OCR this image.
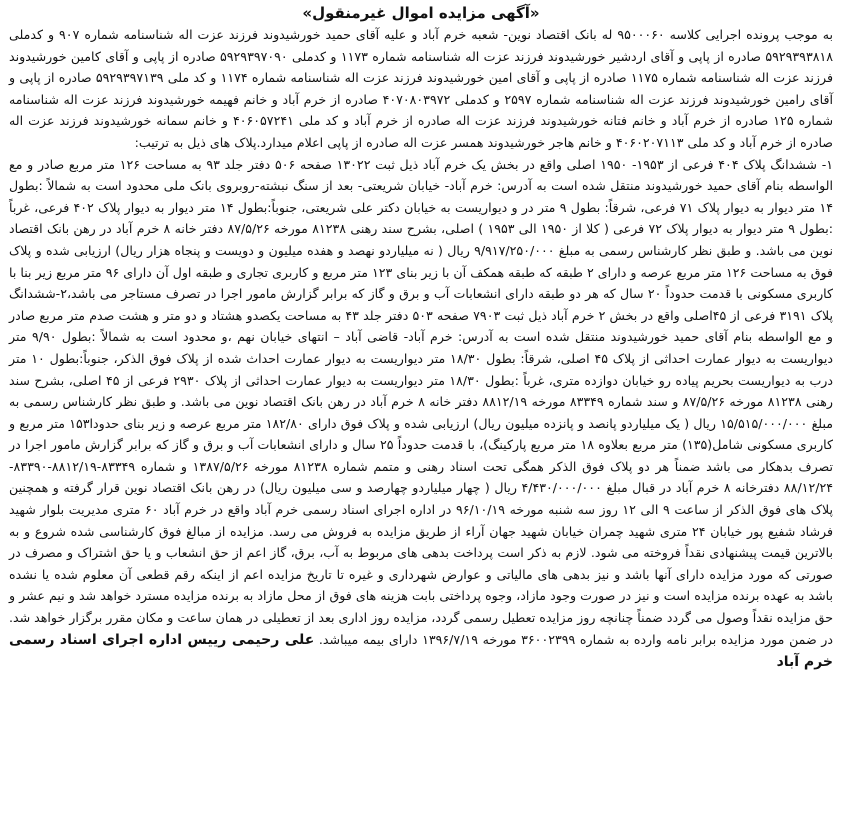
«آگهی مزایده اموال غیرمنقول»

به موجب پرونده اجرایی کلاسه ۹۵۰۰۰۶۰ له بانک اقتصاد نوین- شعبه خرم آباد و علیه آقای حمید خورشیدوند فرزند عزت اله شناسنامه شماره ۹۰۷ و کدملی ۵۹۲۹۳۹۳۸۱۸ صادره از پاپی و آقای اردشیر خورشیدوند فرزند عزت اله شناسنامه شماره ۱۱۷۳ و کدملی ۵۹۲۹۳۹۷۰۹۰ صادره از پاپی و آقای کامین خورشیدوند فرزند عزت اله شناسنامه شماره ۱۱۷۵ صادره از پاپی و آقای امین خورشیدوند فرزند عزت اله شناسنامه شماره ۱۱۷۴ و کد ملی ۵۹۲۹۳۹۷۱۳۹ صادره از پاپی و آقای رامین خورشیدوند فرزند عزت اله شناسنامه شماره ۲۵۹۷ و کدملی ۴۰۷۰۸۰۳۹۷۲ صادره از خرم آباد و خانم فهیمه خورشیدوند فرزند عزت اله شناسنامه شماره ۱۲۵ صادره از خرم آباد و خانم فتانه خورشیدوند فرزند عزت اله صادره از خرم آباد و کد ملی ۴۰۶۰۵۷۲۴۱ و خانم سمانه خورشیدوند فرزند عزت اله صادره از خرم آباد و کد ملی ۴۰۶۰۲۰۷۱۱۳ و خانم هاجر خورشیدوند همسر عزت اله صادره از پاپی اعلام میدارد.پلاک های ذیل به ترتیب:

۱- ششدانگ پلاک ۴۰۴ فرعی از ۱۹۵۳- ۱۹۵۰ اصلی واقع در بخش یک خرم آباد ذیل ثبت ۱۳۰۲۲ صفحه ۵۰۶ دفتر جلد ۹۳ به مساحت ۱۲۶ متر مربع صادر و مع الواسطه بنام آقای حمید خورشیدوند منتقل شده است به آدرس: خرم آباد- خیابان شریعتی- بعد از سنگ نبشته-روبروی بانک ملی محدود است به شمالاً :بطول ۱۴ متر دیوار به دیوار پلاک ۷۱ فرعی، شرقاً: بطول ۹ متر در و دیواریست به خیابان دکتر علی شریعتی، جنوباً:بطول ۱۴ متر دیوار به دیوار پلاک ۴۰۲ فرعی، غرباً :بطول ۹ متر دیوار به دیوار پلاک ۷۲ فرعی ( کلا از ۱۹۵۰ الی ۱۹۵۳ ) اصلی، بشرح سند رهنی ۸۱۲۳۸ مورخه ۸۷/۵/۲۶ دفتر خانه ۸ خرم آباد در رهن بانک اقتصاد نوین می باشد. و طبق نظر کارشناس رسمی به مبلغ ۹/۹۱۷/۲۵۰/۰۰۰ ریال ( نه میلیاردو نهصد و هفده میلیون و دویست و پنجاه هزار ریال) ارزیابی شده و پلاک فوق به مساحت ۱۲۶ متر مربع عرصه و دارای ۲ طبقه که طبقه همکف آن با زیر بنای ۱۲۳ متر مربع و کاربری تجاری و طبقه اول آن دارای ۹۶ متر مربع زیر بنا با کاربری مسکونی با قدمت حدوداً ۲۰ سال که هر دو طبقه دارای انشعابات آب و برق و گاز که برابر گزارش مامور اجرا در تصرف مستاجر می باشد،۲-ششدانگ پلاک ۳۱۹۱ فرعی از ۴۵اصلی واقع در بخش ۲ خرم آباد ذیل ثبت ۷۹۰۳ صفحه ۵۰۳ دفتر جلد ۴۳ به مساحت یکصدو هشتاد و دو متر و هشت صدم متر مربع صادر و مع الواسطه بنام آقای حمید خورشیدوند منتقل شده است به آدرس: خرم آباد- قاضی آباد – انتهای خیابان نهم ،و محدود است به شمالاً :بطول ۹/۹۰ متر دیواریست به دیوار عمارت احداثی از پلاک ۴۵ اصلی، شرقاً: بطول ۱۸/۳۰ متر دیواریست به دیوار عمارت احداث شده از پلاک فوق الذکر، جنوباً:بطول ۱۰ متر درب به دیواریست بحریم پیاده رو خیابان دوازده متری، غرباً :بطول ۱۸/۳۰ متر دیواریست به دیوار عمارت احداثی از پلاک ۲۹۳۰ فرعی از ۴۵ اصلی، بشرح سند رهنی ۸۱۲۳۸ مورخه ۸۷/۵/۲۶ و سند شماره ۸۳۳۴۹ مورخه ۸۸۱۲/۱۹ دفتر خانه ۸ خرم آباد در رهن بانک اقتصاد نوین می باشد. و طبق نظر کارشناس رسمی به مبلغ ۱۵/۵۱۵/۰۰۰/۰۰۰ ریال ( یک میلیاردو پانصد و پانزده میلیون ریال) ارزیابی شده و پلاک فوق دارای ۱۸۲/۸۰ متر مربع عرصه و زیر بنای حدودا۱۵۳ متر مربع و کاربری مسکونی شامل(۱۳۵) متر مربع بعلاوه ۱۸ متر مربع پارکینگ)، با قدمت حدوداً ۲۵ سال و دارای انشعابات آب و برق و گاز که برابر گزارش مامور اجرا در تصرف بدهکار می باشد ضمناً هر دو پلاک فوق الذکر همگی تحت اسناد رهنی و متمم شماره ۸۱۲۳۸ مورخه ۱۳۸۷/۵/۲۶ و شماره ۸۳۳۴۹-۸۸۱۲/۱۹-۸۳۳۹۰- ۸۸/۱۲/۲۴ دفترخانه ۸ خرم آباد در قبال مبلغ ۴/۴۳۰/۰۰۰/۰۰۰ ریال ( چهار میلیاردو چهارصد و سی میلیون ریال) در رهن بانک اقتصاد نوین قرار گرفته و همچنین پلاک های فوق الذکر از ساعت ۹ الی ۱۲ روز سه شنبه مورخه ۹۶/۱۰/۱۹ در اداره اجرای اسناد رسمی خرم آباد واقع در خرم آباد ۶۰ متری مدیریت بلوار شهید فرشاد شفیع پور خیابان ۲۴ متری شهید چمران خیابان شهید جهان آراء از طریق مزایده به فروش می رسد. مزایده از مبالغ فوق کارشناسی شده شروع و به بالاترین قیمت پیشنهادی نقداً فروخته می شود. لازم به ذکر است پرداخت بدهی های مربوط به آب، برق، گاز اعم از حق انشعاب و یا حق اشتراک و مصرف در صورتی که مورد مزایده دارای آنها باشد و نیز بدهی های مالیاتی و عوارض شهرداری و غیره تا تاریخ مزایده اعم از اینکه رقم قطعی آن معلوم شده یا نشده باشد به عهده برنده مزایده است و نیز در صورت وجود مازاد، وجوه پرداختی بابت هزینه های فوق از محل مازاد به برنده مزایده مسترد خواهد شد و نیم عشر و حق مزایده نقداً وصول می گردد ضمناً چنانچه روز مزایده تعطیل رسمی گردد، مزایده روز اداری بعد از تعطیلی در همان ساعت و مکان مقرر برگزار خواهد شد. در ضمن مورد مزایده برابر نامه وارده به شماره ۳۶۰۰۲۳۹۹ مورخه ۱۳۹۶/۷/۱۹ دارای بیمه میباشد. علی رحیمی رییس اداره اجرای اسناد رسمی خرم آباد
